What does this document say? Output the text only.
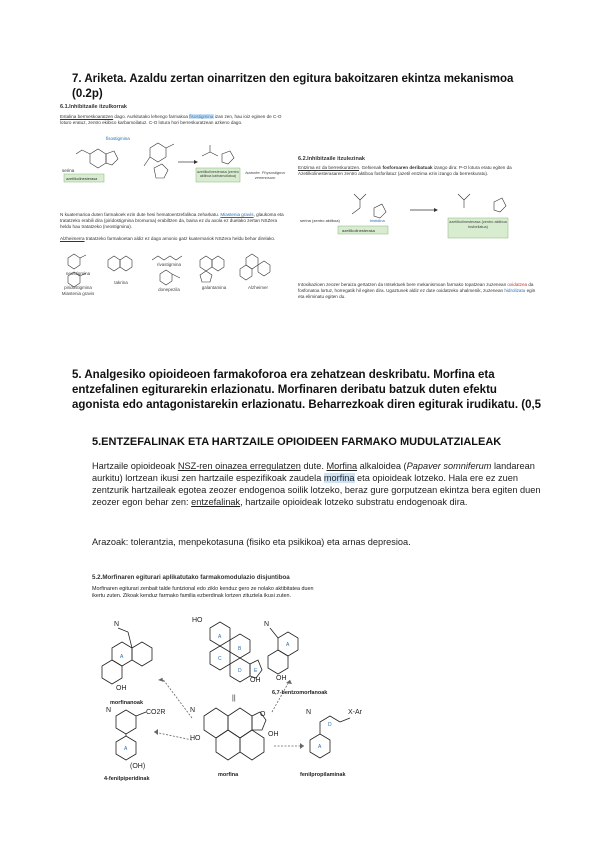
7. Ariketa. Azaldu zertan oinarritzen den egitura bakoitzaren ekintza mekanismoa
(0.2p)
6.1.Inhibitzaile itzulkorrak
Estalina bermeskoaratzen dago. Aurkitutako lehengo farmakoa fisostigmina izan zen, hau ioiz eginen de C-O loturo eratuz, zentro ekibico karbamoilatuz. C-O lotura hori berreskuratzean azkeno dago.
serina
fisostigmina
azetilkolinesterasa
azetilkolinesterasa (zentro aktiboa karbamoilatua)
Isatorite. Physostigma venenosum
N kuaternarioa duten farmakoek ezin dute hesi hematoentzefalikoa zeharkatu. Miastenia gravis, glaukoma eta tratatzeko erabili dira (piridostigmina bromuroa) erabiltzen da, baina ez du axola ez duelako zertan NSZera heldu hau tratatzeko (neostigmina).
Alzheimerra tratatzeko farmakoetan aldiz ez dago amonio gatz kuaternariok NSZera heldu behar direlako.
neostigmina
piridostigmina
Miastenia gravis
takrina
rivastigmina
donepezila	galantamina	Alzheimer
6.2.Inhibitzaile itzulezinak
Entzima ez da berreskuratzen. Gehienak fosforoaren deribatuak izango dira: P-O lotura eratu egiten da Azetilkolinesterasaren zentro aktiboa fosforilatuz (azetil entzima ezin izango da berreskuratu).
azetilkolinesterasa
histidina
serina (zentro aktiboa)	azetilkolinesterasa (zentro aktiboa fosforilatua)
Intoxikazioen zeozer beraiza gertatzen da Intsektuek bere mekanismoan farmako topatzean zuzenean oxidatzea da fosfonatoa lortuz, horregatik hil egiten dira. Ugaztunek aldiz ez dute oxidatzeko ahalmenik, zuzenean hidrolizatu egin eta eliminatu egiten du.
5. Analgesiko opioideoen farmakoforoa era zehatzean deskribatu. Morfina eta
entzefalinen egiturarekin erlazionatu. Morfinaren deribatu batzuk duten efektu
agonista edo antagonistarekin erlazionatu. Beharrezkoak diren egiturak irudikatu. (0,5
5.ENTZEFALINAK ETA HARTZAILE OPIOIDEEN FARMAKO MUDULATZIALEAK
Hartzaile opioideoak NSZ-ren oinazea erregulatzen dute. Morfina alkaloidea (Papaver somniferum landarean aurkitu) lortzean ikusi zen hartzaile espezifikoak zaudela morfina eta opioideak lotzeko. Hala ere ez zuen zentzurik hartzaileak egotea zeozer endogenoa soilik lotzeko, beraz gure gorputzean ekintza bera egiten duen zeozer egon behar zen: entzefalinak, hartzaile opioideak lotzeko substratu endogenoak dira.
Arazoak: tolerantzia, menpekotasuna (fisiko eta psikikoa) eta arnas depresioa.
5.2.Morfinaren egiturari aplikatutako farmakomodulazio disjuntiboa
Morfinaren egiturari zenbait talde funtzional edo ziklo kenduz gero ze nolako aktibitatea duen ikertu zuten. Zikoak kenduz farmako familia ezberdinak lortzen zituztela ikusi zuten.
N
OH
HO
OH
N
OH
N	CO2R
(OH)
N
HO
OH
O	X-Ar
N
||
A
A
B
C
D E
A
A	A
D
morfinanoak
6,7-bentzomorfanoak
4-fenilpiperidinak
morfina	fenilpropilaminak
